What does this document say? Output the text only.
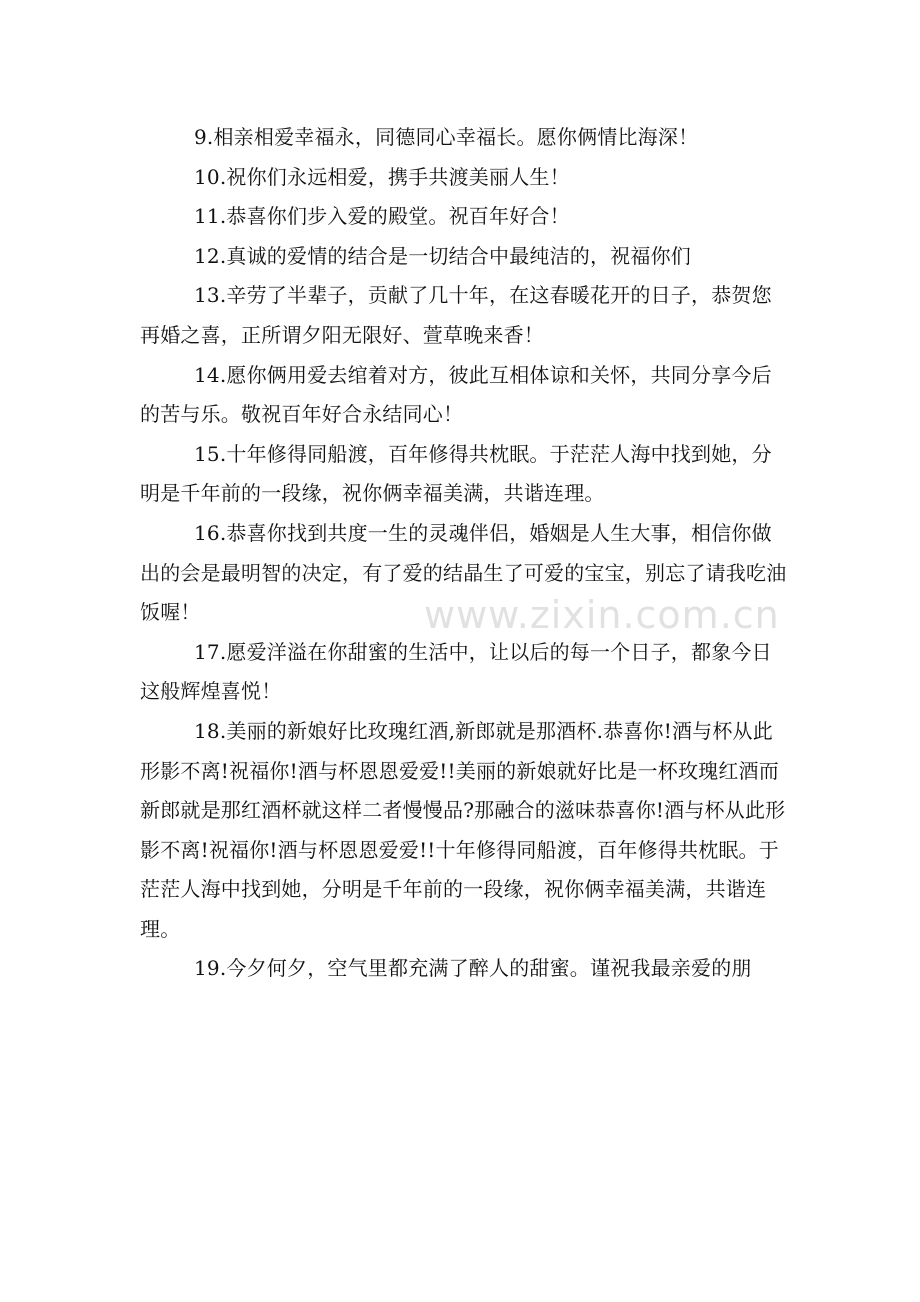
9.相亲相爱幸福永，同德同心幸福长。愿你俩情比海深！

10.祝你们永远相爱，携手共渡美丽人生！

11.恭喜你们步入爱的殿堂。祝百年好合！

12.真诚的爱情的结合是一切结合中最纯洁的，祝福你们

13.辛劳了半辈子，贡献了几十年，在这春暖花开的日子，恭贺您再婚之喜，正所谓夕阳无限好、萱草晚来香！

14.愿你俩用爱去绾着对方，彼此互相体谅和关怀，共同分享今后的苦与乐。敬祝百年好合永结同心！

15.十年修得同船渡，百年修得共枕眠。于茫茫人海中找到她，分明是千年前的一段缘，祝你俩幸福美满，共谐连理。

16.恭喜你找到共度一生的灵魂伴侣，婚姻是人生大事，相信你做出的会是最明智的决定，有了爱的结晶生了可爱的宝宝，别忘了请我吃油饭喔！

17.愿爱洋溢在你甜蜜的生活中，让以后的每一个日子，都象今日这般辉煌喜悦！

18.美丽的新娘好比玫瑰红酒,新郎就是那酒杯.恭喜你!酒与杯从此形影不离!祝福你!酒与杯恩恩爱爱!!美丽的新娘就好比是一杯玫瑰红酒而新郎就是那红酒杯就这样二者慢慢品?那融合的滋味恭喜你!酒与杯从此形影不离!祝福你!酒与杯恩恩爱爱!!十年修得同船渡，百年修得共枕眠。于茫茫人海中找到她，分明是千年前的一段缘，祝你俩幸福美满，共谐连理。

19.今夕何夕，空气里都充满了醉人的甜蜜。谨祝我最亲爱的朋

www.zixin.com.cn
